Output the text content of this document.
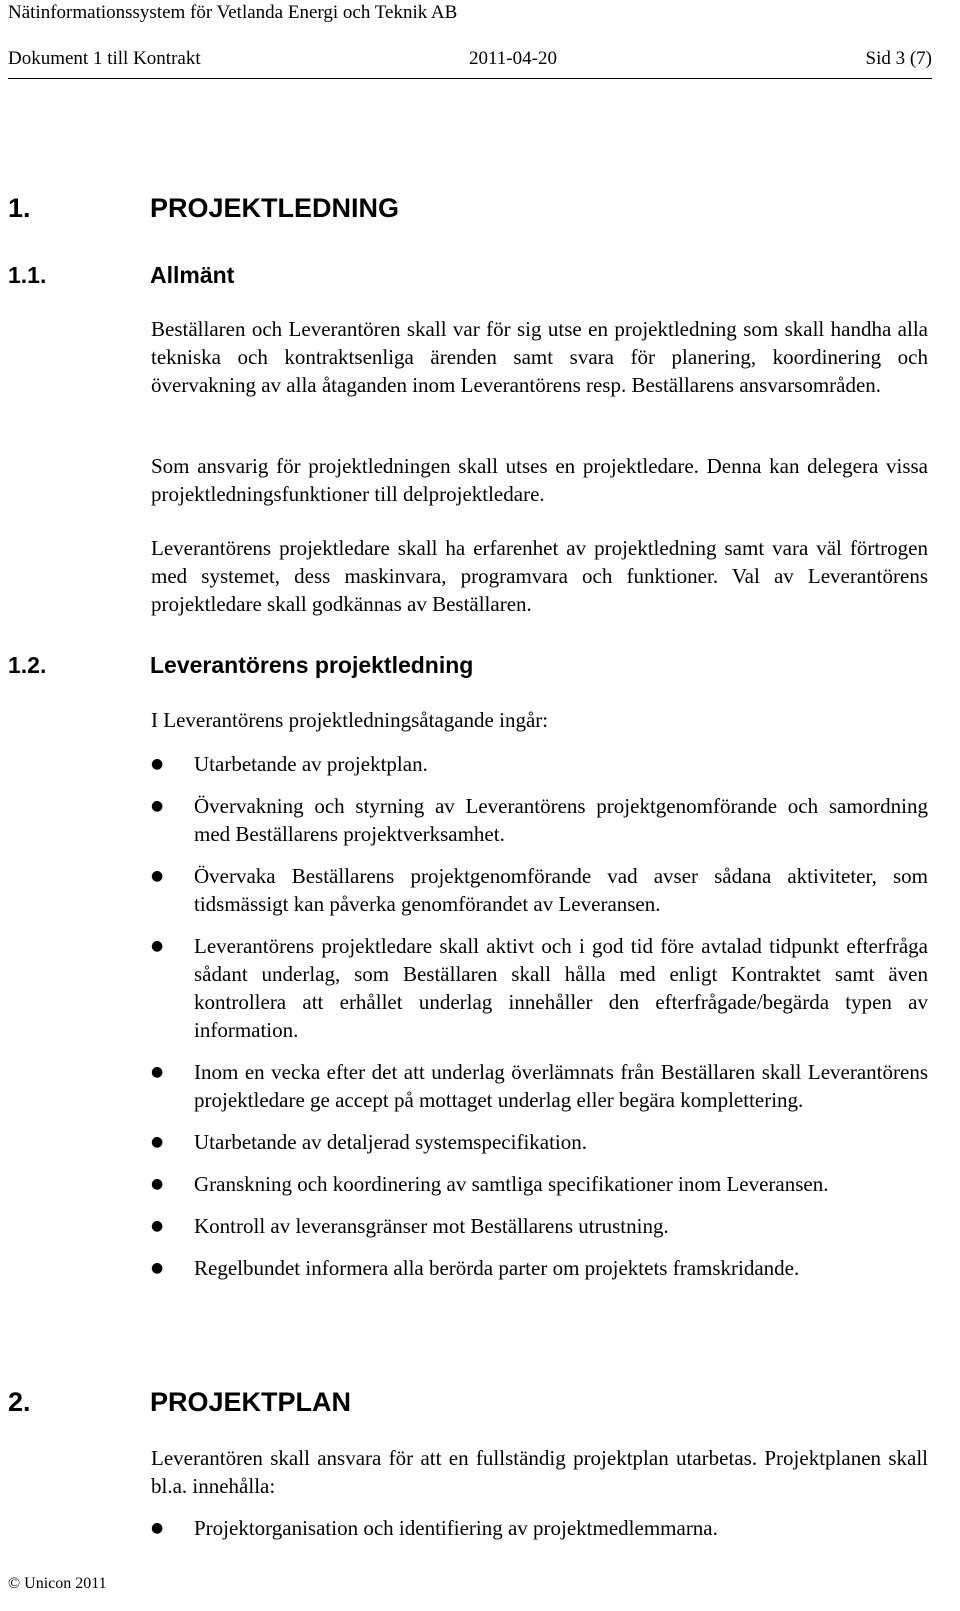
Nätinformationssystem för Vetlanda Energi och Teknik AB
Dokument 1 till Kontrakt	2011-04-20	Sid 3 (7)
1.	PROJEKTLEDNING
1.1.	Allmänt

Beställaren och Leverantören skall var för sig utse en projektledning som skall handha alla tekniska och kontraktsenliga ärenden samt svara för planering, koordinering och övervakning av alla åtaganden inom Leverantörens resp. Beställarens ansvarsområden.

Som ansvarig för projektledningen skall utses en projektledare. Denna kan delegera vissa projektledningsfunktioner till delprojektledare.

Leverantörens projektledare skall ha erfarenhet av projektledning samt vara väl förtrogen med systemet, dess maskinvara, programvara och funktioner. Val av Leverantörens projektledare skall godkännas av Beställaren.

1.2.	Leverantörens projektledning

I Leverantörens projektledningsåtagande ingår:

● Utarbetande av projektplan.
● Övervakning och styrning av Leverantörens projektgenomförande och samordning med Beställarens projektverksamhet.
● Övervaka Beställarens projektgenomförande vad avser sådana aktiviteter, som tidsmässigt kan påverka genomförandet av Leveransen.
● Leverantörens projektledare skall aktivt och i god tid före avtalad tidpunkt efterfråga sådant underlag, som Beställaren skall hålla med enligt Kontraktet samt även kontrollera att erhållet underlag innehåller den efterfrågade/begärda typen av information.
● Inom en vecka efter det att underlag överlämnats från Beställaren skall Leverantörens projektledare ge accept på mottaget underlag eller begära komplettering.
● Utarbetande av detaljerad systemspecifikation.
● Granskning och koordinering av samtliga specifikationer inom Leveransen.
● Kontroll av leveransgränser mot Beställarens utrustning.
● Regelbundet informera alla berörda parter om projektets framskridande.
2.	PROJEKTPLAN

Leverantören skall ansvara för att en fullständig projektplan utarbetas. Projektplanen skall bl.a. innehålla:

● Projektorganisation och identifiering av projektmedlemmarna.
© Unicon 2011
